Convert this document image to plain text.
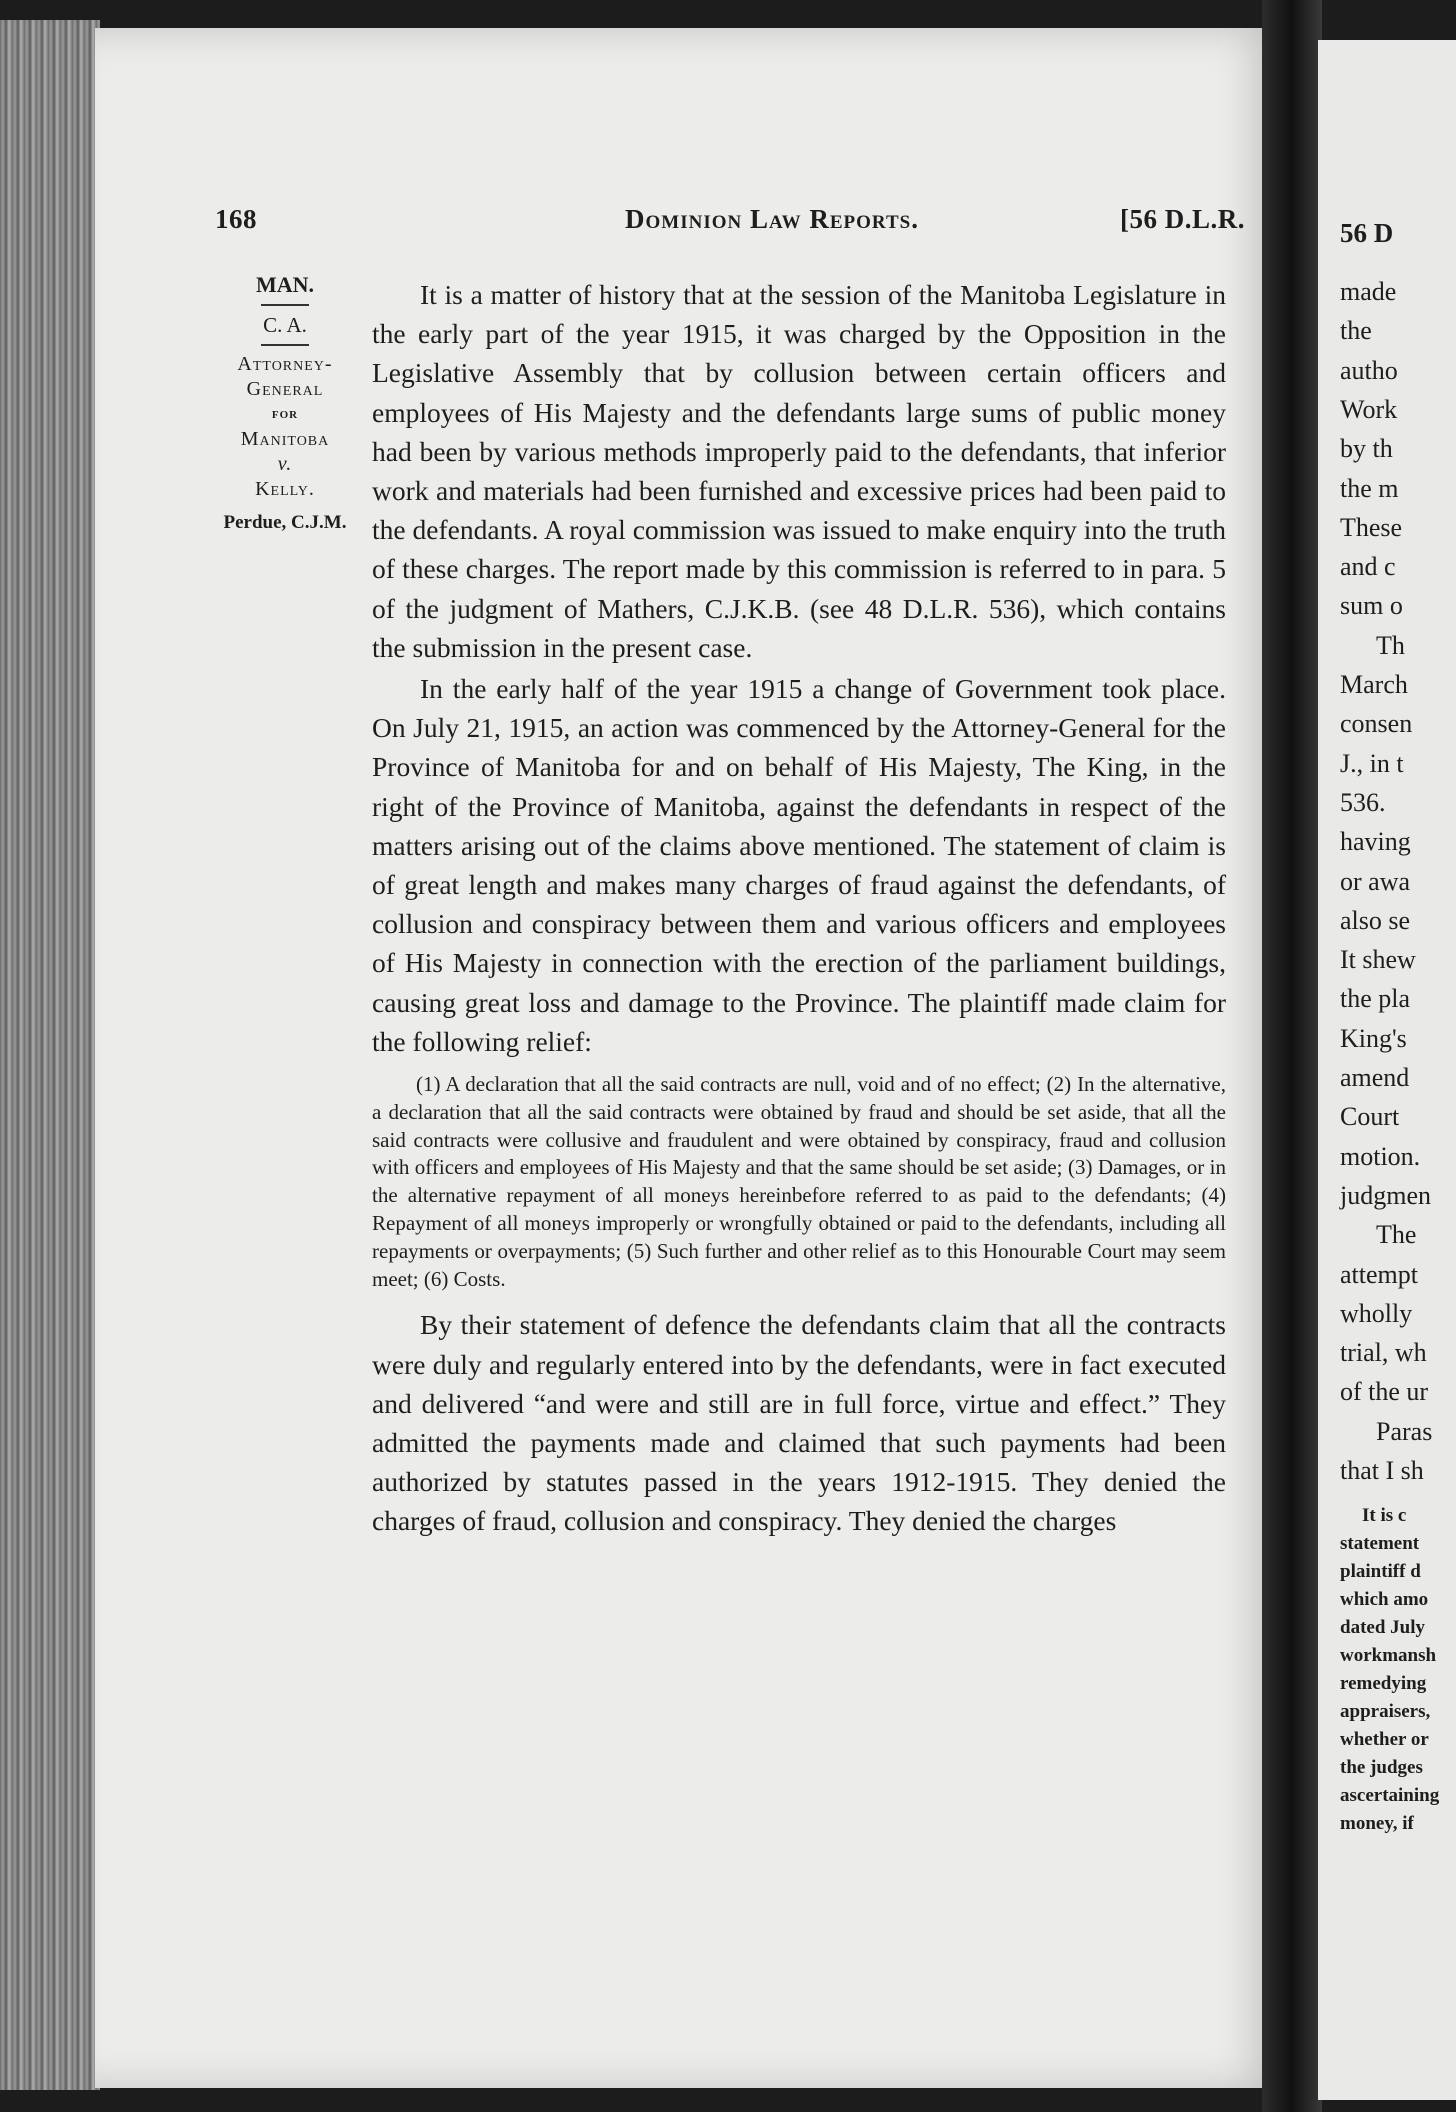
168	Dominion Law Reports.	[56 D.L.R.
MAN.
C. A.
Attorney-
General
for
Manitoba
v.
Kelly.
Perdue, C.J.M.

It is a matter of history that at the session of the Manitoba Legislature in the early part of the year 1915, it was charged by the Opposition in the Legislative Assembly that by collusion between certain officers and employees of His Majesty and the defendants large sums of public money had been by various methods improperly paid to the defendants, that inferior work and materials had been furnished and excessive prices had been paid to the defendants. A royal commission was issued to make enquiry into the truth of these charges. The report made by this commission is referred to in para. 5 of the judgment of Mathers, C.J.K.B. (see 48 D.L.R. 536), which contains the submission in the present case.

In the early half of the year 1915 a change of Government took place. On July 21, 1915, an action was commenced by the Attorney-General for the Province of Manitoba for and on behalf of His Majesty, The King, in the right of the Province of Manitoba, against the defendants in respect of the matters arising out of the claims above mentioned. The statement of claim is of great length and makes many charges of fraud against the defendants, of collusion and conspiracy between them and various officers and employees of His Majesty in connection with the erection of the parliament buildings, causing great loss and damage to the Province. The plaintiff made claim for the following relief:

(1) A declaration that all the said contracts are null, void and of no effect; (2) In the alternative, a declaration that all the said contracts were obtained by fraud and should be set aside, that all the said contracts were collusive and fraudulent and were obtained by conspiracy, fraud and collusion with officers and employees of His Majesty and that the same should be set aside; (3) Damages, or in the alternative repayment of all moneys hereinbefore referred to as paid to the defendants; (4) Repayment of all moneys improperly or wrongfully obtained or paid to the defendants, including all repayments or overpayments; (5) Such further and other relief as to this Honourable Court may seem meet; (6) Costs.

By their statement of defence the defendants claim that all the contracts were duly and regularly entered into by the defendants, were in fact executed and delivered “and were and still are in full force, virtue and effect.” They admitted the payments made and claimed that such payments had been authorized by statutes passed in the years 1912-1915. They denied the charges of fraud, collusion and conspiracy. They denied the charges

56 D
made
the
autho
Work
by th
the m
These
and c
sum o
Th
March
consen
J., in t
536.
having
or awa
also se
It shew
the pla
King's
amend
Court
motion.
judgmen
The
attempt
wholly
trial, wh
of the ur
Paras
that I sh
It is c
statement
plaintiff d
which amo
dated July
workmansh
remedying
appraisers,
whether or
the judges
ascertaining
money, if
